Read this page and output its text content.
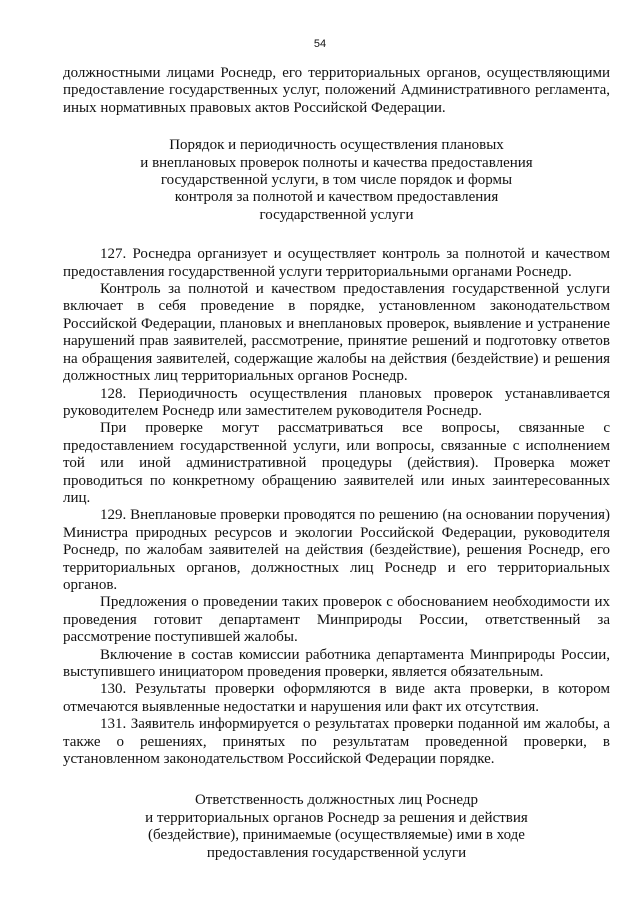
54

должностными лицами Роснедр, его территориальных органов, осуществляющими предоставление государственных услуг, положений Административного регламента, иных нормативных правовых актов Российской Федерации.

Порядок и периодичность осуществления плановых

и внеплановых проверок полноты и качества предоставления

государственной услуги, в том числе порядок и формы

контроля за полнотой и качеством предоставления

государственной услуги

127. Роснедра организует и осуществляет контроль за полнотой и качеством предоставления государственной услуги территориальными органами Роснедр.

Контроль за полнотой и качеством предоставления государственной услуги включает в себя проведение в порядке, установленном законодательством Российской Федерации, плановых и внеплановых проверок, выявление и устранение нарушений прав заявителей, рассмотрение, принятие решений и подготовку ответов на обращения заявителей, содержащие жалобы на действия (бездействие) и решения должностных лиц территориальных органов Роснедр.

128. Периодичность осуществления плановых проверок устанавливается руководителем Роснедр или заместителем руководителя Роснедр.

При проверке могут рассматриваться все вопросы, связанные с предоставлением государственной услуги, или вопросы, связанные с исполнением той или иной административной процедуры (действия). Проверка может проводиться по конкретному обращению заявителей или иных заинтересованных лиц.

129. Внеплановые проверки проводятся по решению (на основании поручения) Министра природных ресурсов и экологии Российской Федерации, руководителя Роснедр, по жалобам заявителей на действия (бездействие), решения Роснедр, его территориальных органов, должностных лиц Роснедр и его территориальных органов.

Предложения о проведении таких проверок с обоснованием необходимости их проведения готовит департамент Минприроды России, ответственный за рассмотрение поступившей жалобы.

Включение в состав комиссии работника департамента Минприроды России, выступившего инициатором проведения проверки, является обязательным.

130. Результаты проверки оформляются в виде акта проверки, в котором отмечаются выявленные недостатки и нарушения или факт их отсутствия.

131. Заявитель информируется о результатах проверки поданной им жалобы, а также о решениях, принятых по результатам проведенной проверки, в установленном законодательством Российской Федерации порядке.

Ответственность должностных лиц Роснедр

и территориальных органов Роснедр за решения и действия

(бездействие), принимаемые (осуществляемые) ими в ходе

предоставления государственной услуги
